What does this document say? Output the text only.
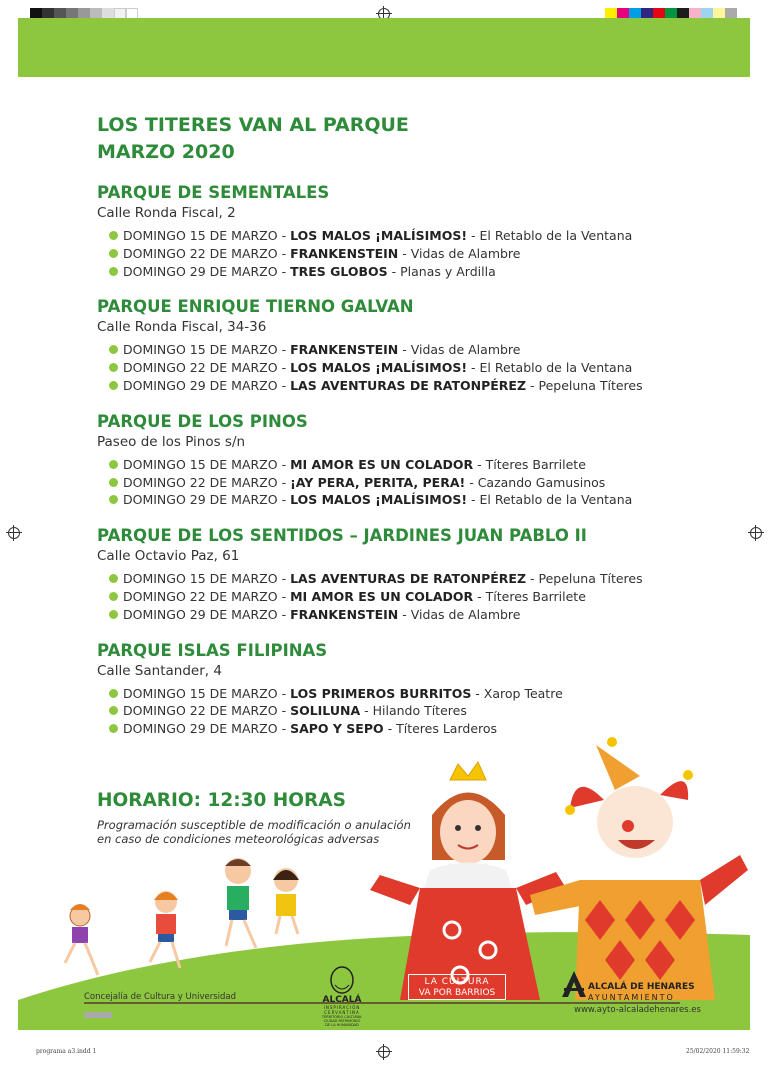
LOS TITERES VAN AL PARQUE
MARZO 2020
PARQUE DE SEMENTALES
Calle Ronda Fiscal, 2
DOMINGO 15 DE MARZO - LOS MALOS ¡MALÍSIMOS! - El Retablo de la Ventana
DOMINGO 22 DE MARZO - FRANKENSTEIN - Vidas de Alambre
DOMINGO 29 DE MARZO - TRES GLOBOS - Planas y Ardilla
PARQUE ENRIQUE TIERNO GALVAN
Calle Ronda Fiscal, 34-36
DOMINGO 15 DE MARZO - FRANKENSTEIN - Vidas de Alambre
DOMINGO 22 DE MARZO - LOS MALOS ¡MALÍSIMOS! - El Retablo de la Ventana
DOMINGO 29 DE MARZO - LAS AVENTURAS DE RATONPÉREZ - Pepeluna Títeres
PARQUE DE LOS PINOS
Paseo de los Pinos s/n
DOMINGO 15 DE MARZO - MI AMOR ES UN COLADOR - Títeres Barrilete
DOMINGO 22 DE MARZO - ¡AY PERA, PERITA, PERA! - Cazando Gamusinos
DOMINGO 29 DE MARZO - LOS MALOS ¡MALÍSIMOS! - El Retablo de la Ventana
PARQUE DE LOS SENTIDOS – JARDINES JUAN PABLO II
Calle Octavio Paz, 61
DOMINGO 15 DE MARZO - LAS AVENTURAS DE RATONPÉREZ - Pepeluna Títeres
DOMINGO 22 DE MARZO - MI AMOR ES UN COLADOR - Títeres Barrilete
DOMINGO 29 DE MARZO - FRANKENSTEIN - Vidas de Alambre
PARQUE ISLAS FILIPINAS
Calle Santander, 4
DOMINGO 15 DE MARZO - LOS PRIMEROS BURRITOS - Xarop Teatre
DOMINGO 22 DE MARZO - SOLILUNA - Hilando Títeres
DOMINGO 29 DE MARZO - SAPO Y SEPO - Títeres Larderos
HORARIO: 12:30 HORAS
Programación susceptible de modificación o anulación
en caso de condiciones meteorológicas adversas
Concejalía de Cultura y Universidad	ALCALÁ
INSPIRACIÓN
CERVANTINA
TERRITORIO CULTURAL
CIUDAD PATRIMONIO
DE LA HUMANIDAD
LA CULTURA
VA POR BARRIOS
ALCALÁ DE HENARES
AYUNTAMIENTO
www.ayto-alcaladehenares.es
programa a3.indd 1	25/02/2020 11:59:32
